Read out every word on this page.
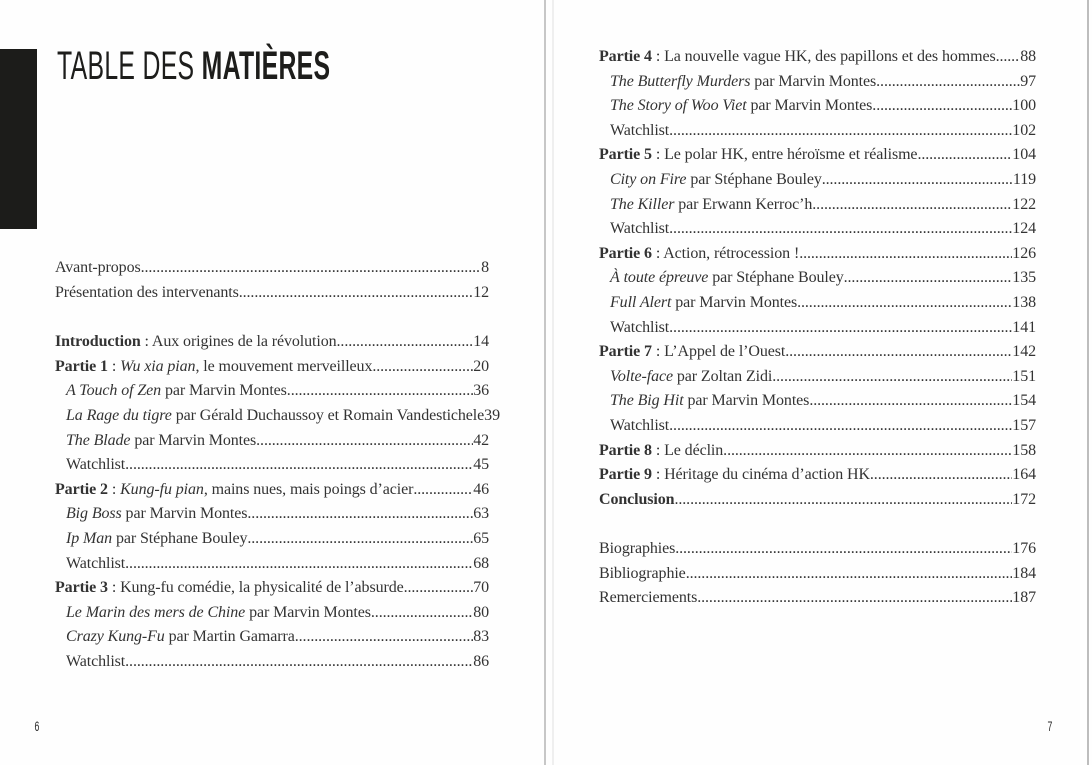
TABLE DES MATIÈRES
Avant-propos .....	8
Présentation des intervenants .....	12
Introduction : Aux origines de la révolution .....	14
Partie 1 : Wu xia pian, le mouvement merveilleux .....	20
A Touch of Zen par Marvin Montes .....	36
La Rage du tigre par Gérald Duchaussoy et Romain Vandestichele 39
The Blade par Marvin Montes .....	42
Watchlist .....	45
Partie 2 : Kung-fu pian, mains nues, mais poings d’acier .....	46
Big Boss par Marvin Montes .....	63
Ip Man par Stéphane Bouley .....	65
Watchlist .....	68
Partie 3 : Kung-fu comédie, la physicalité de l’absurde .....	70
Le Marin des mers de Chine par Marvin Montes .....	80
Crazy Kung-Fu par Martin Gamarra .....	83
Watchlist .....	86
Partie 4 : La nouvelle vague HK, des papillons et des hommes ..... 88
The Butterfly Murders par Marvin Montes .....	97
The Story of Woo Viet par Marvin Montes .....	100
Watchlist .....	102
Partie 5 : Le polar HK, entre héroïsme et réalisme .....	104
City on Fire par Stéphane Bouley .....	119
The Killer par Erwann Kerroc’h .....	122
Watchlist .....	124
Partie 6 : Action, rétrocession ! .....	126
À toute épreuve par Stéphane Bouley .....	135
Full Alert par Marvin Montes .....	138
Watchlist .....	141
Partie 7 : L’Appel de l’Ouest .....	142
Volte-face par Zoltan Zidi .....	151
The Big Hit par Marvin Montes .....	154
Watchlist .....	157
Partie 8 : Le déclin .....	158
Partie 9 : Héritage du cinéma d’action HK .....	164
Conclusion .....	172
Biographies .....	176
Bibliographie .....	184
Remerciements .....	187
6	7
